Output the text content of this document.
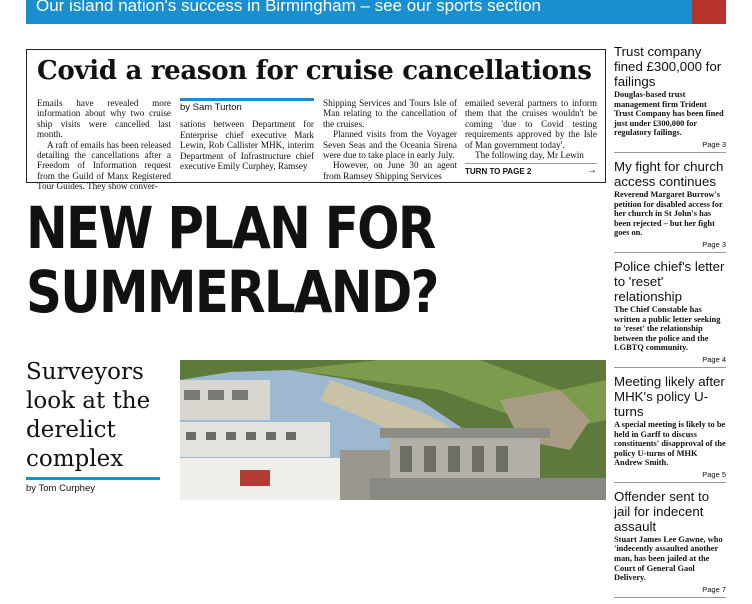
Our island nation's success in Birmingham – see our sports section
Covid a reason for cruise cancellations

Emails have revealed more information about why two cruise ship visits were cancelled last month.

A raft of emails has been released detailing the cancellations after a Freedom of Information request from the Guild of Manx Registered Tour Guides. They show conver-

by Sam Turton

sations between Department for Enterprise chief executive Mark Lewin, Rob Callister MHK, interim Department of Infrastructure chief executive Emily Curphey, Ramsey

Shipping Services and Tours Isle of Man relating to the cancellation of the cruises.

Planned visits from the Voyager Seven Seas and the Oceania Sirena were due to take place in early July.

However, on June 30 an agent from Ramsey Shipping Services

emailed several partners to inform them that the cruises wouldn't be coming 'due to Covid testing requirements approved by the Isle of Man government today'.

The following day, Mr Lewin

TURN TO PAGE 2	→
NEW PLAN FOR
SUMMERLAND?
Surveyors look at the derelict complex
by Tom Curphey
Trust company fined £300,000 for failings
Douglas-based trust management firm Trident Trust Company has been fined just under £300,000 for regulatory failings.
Page 3
My fight for church access continues
Reverend Margaret Burrow's petition for disabled access for her church in St John's has been rejected – but her fight goes on.
Page 3
Police chief's letter to 'reset' relationship
The Chief Constable has written a public letter seeking to 'reset' the relationship between the police and the LGBTQ community.
Page 4
Meeting likely after MHK's policy U-turns
A special meeting is likely to be held in Garff to discuss constituents' disapproval of the policy U-turns of MHK Andrew Smith.
Page 5
Offender sent to jail for indecent assault
Stuart James Lee Gawne, who 'indecently assaulted another man, has been jailed at the Court of General Gaol Delivery.
Page 7
